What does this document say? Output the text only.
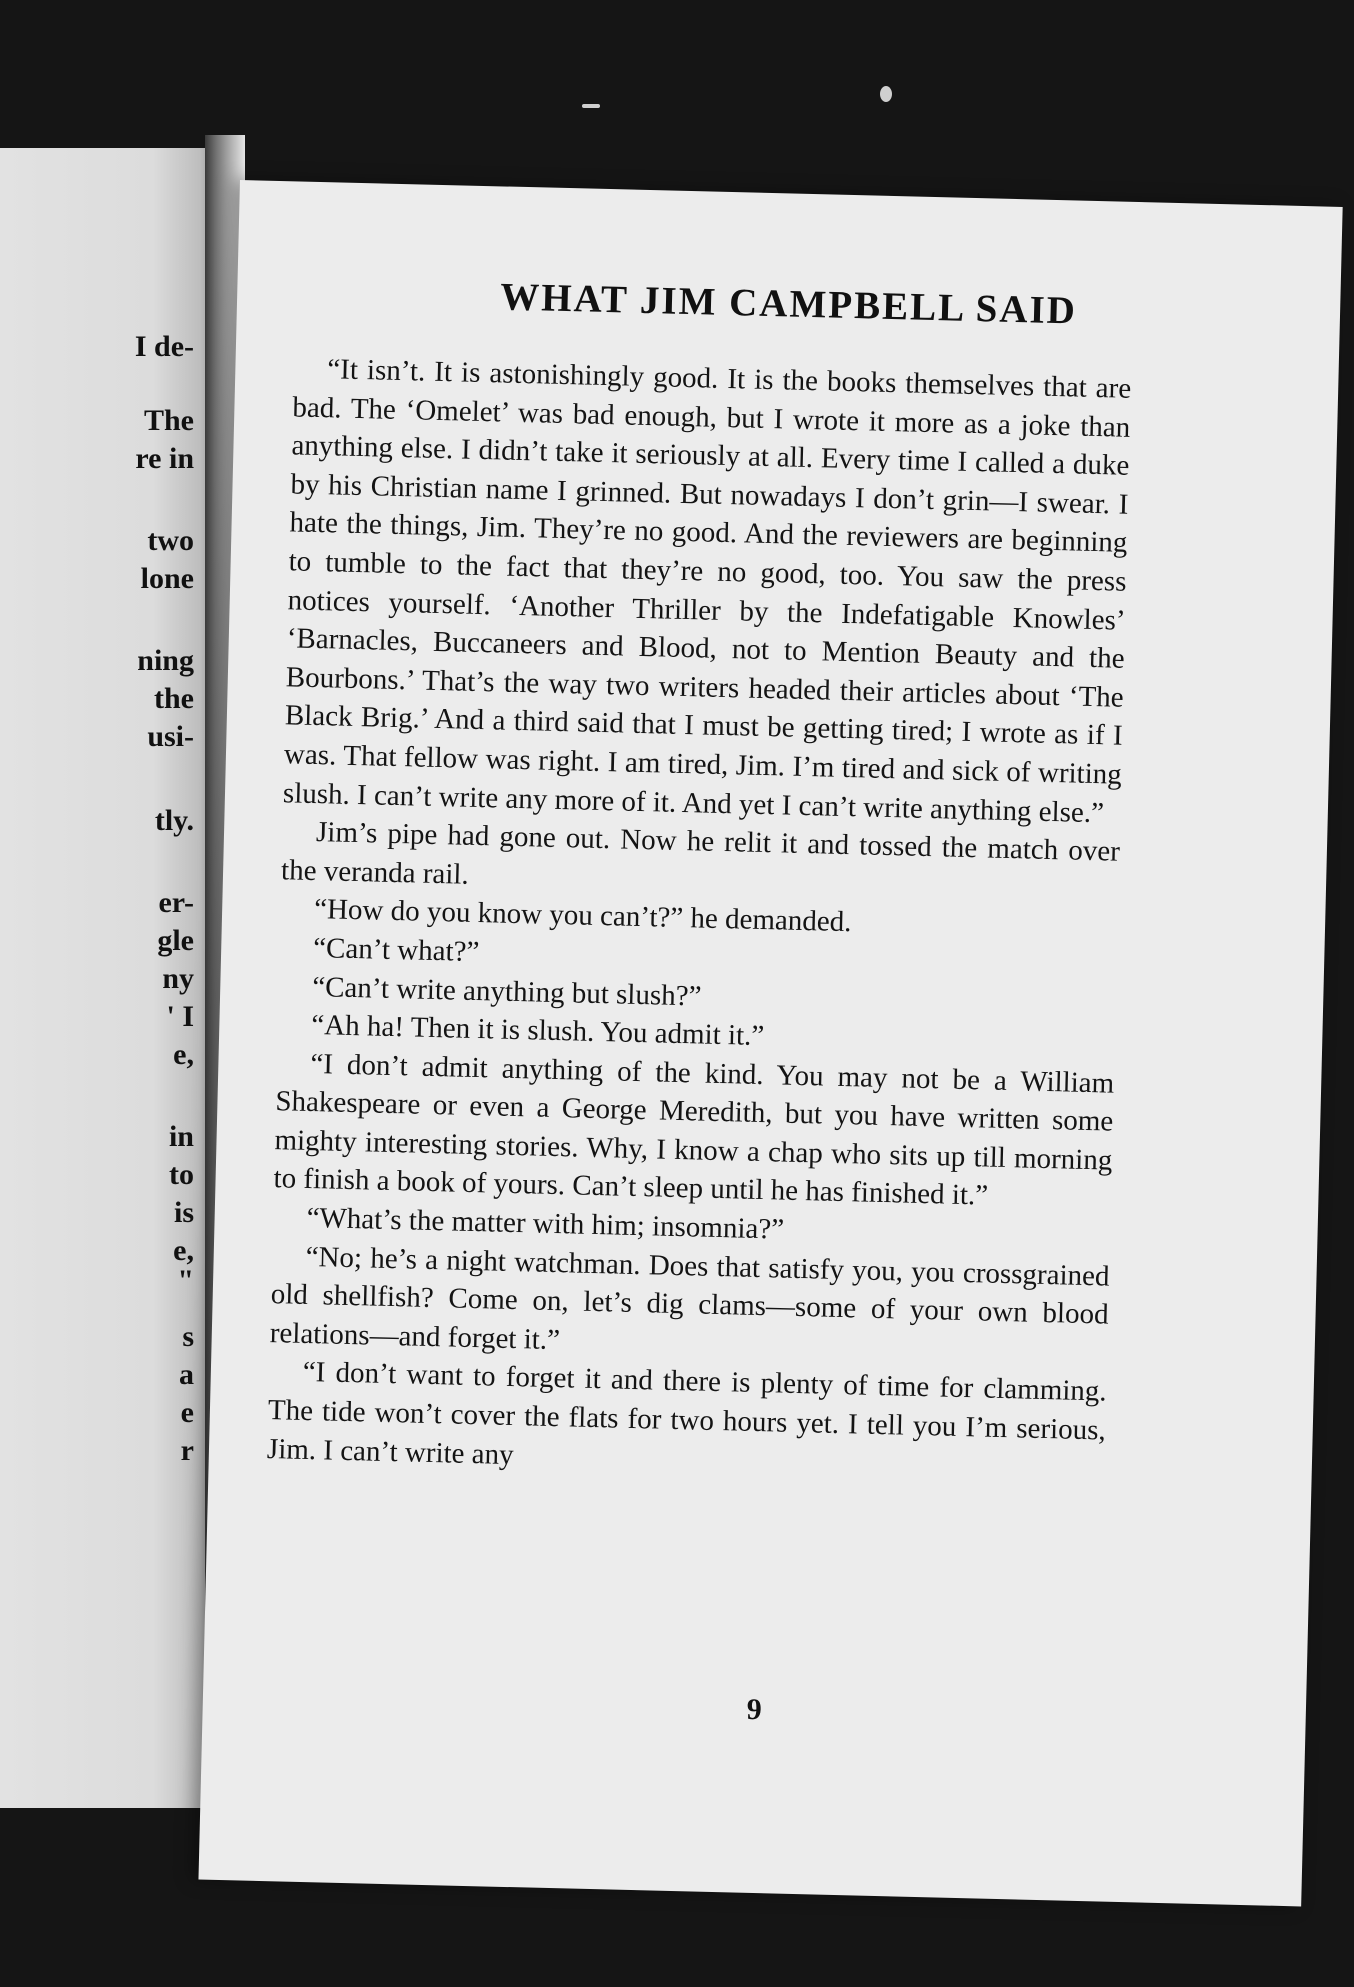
I de-
The
re in
two
lone
ning
the
usi-
tly.
er-
gle
ny
' I
e,
in
to
is
e,
"
s
a
e
r
WHAT JIM CAMPBELL SAID

“It isn’t. It is astonishingly good. It is the books themselves that are bad. The ‘Omelet’ was bad enough, but I wrote it more as a joke than anything else. I didn’t take it seriously at all. Every time I called a duke by his Christian name I grinned. But nowadays I don’t grin—I swear. I hate the things, Jim. They’re no good. And the reviewers are beginning to tumble to the fact that they’re no good, too. You saw the press notices yourself. ‘Another Thriller by the Indefatigable Knowles’ ‘Barnacles, Buccaneers and Blood, not to Mention Beauty and the Bourbons.’ That’s the way two writers headed their articles about ‘The Black Brig.’ And a third said that I must be getting tired; I wrote as if I was. That fellow was right. I am tired, Jim. I’m tired and sick of writing slush. I can’t write any more of it. And yet I can’t write anything else.”

Jim’s pipe had gone out. Now he relit it and tossed the match over the veranda rail.

“How do you know you can’t?” he demanded.

“Can’t what?”

“Can’t write anything but slush?”

“Ah ha! Then it is slush. You admit it.”

“I don’t admit anything of the kind. You may not be a William Shakespeare or even a George Meredith, but you have written some mighty interesting stories. Why, I know a chap who sits up till morning to finish a book of yours. Can’t sleep until he has finished it.”

“What’s the matter with him; insomnia?”

“No; he’s a night watchman. Does that satisfy you, you crossgrained old shellfish? Come on, let’s dig clams—some of your own blood relations—and forget it.”

“I don’t want to forget it and there is plenty of time for clamming. The tide won’t cover the flats for two hours yet. I tell you I’m serious, Jim. I can’t write any

9
